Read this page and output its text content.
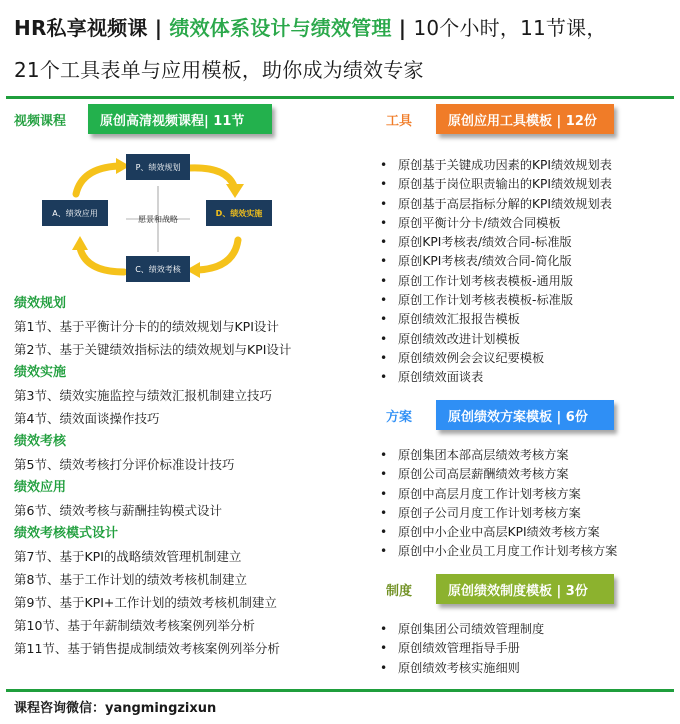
HR私享视频课 | 绩效体系设计与绩效管理 | 10个小时，11节课，
21个工具表单与应用模板，助你成为绩效专家
视频课程	原创高清视频课程| 11节
P、绩效规划
D、绩效实施
C、绩效考核
A、绩效应用
愿景 和战略
绩效规划
第1节、基于平衡计分卡的的绩效规划与KPI设计
第2节、基于关键绩效指标法的绩效规划与KPI设计
绩效实施
第3节、绩效实施监控与绩效汇报机制建立技巧
第4节、绩效面谈操作技巧
绩效考核
第5节、绩效考核打分评价标准设计技巧
绩效应用
第6节、绩效考核与薪酬挂钩模式设计
绩效考核模式设计
第7节、基于KPI的战略绩效管理机制建立
第8节、基于工作计划的绩效考核机制建立
第9节、基于KPI+工作计划的绩效考核机制建立
第10节、基于年薪制绩效考核案例列举分析
第11节、基于销售提成制绩效考核案例列举分析
工具	原创应用工具模板 | 12份
• 原创基于关键成功因素的KPI绩效规划表
• 原创基于岗位职责输出的KPI绩效规划表
• 原创基于高层指标分解的KPI绩效规划表
• 原创平衡计分卡/绩效合同模板
• 原创KPI考核表/绩效合同-标准版
• 原创KPI考核表/绩效合同-简化版
• 原创工作计划考核表模板-通用版
• 原创工作计划考核表模板-标准版
• 原创绩效汇报报告模板
• 原创绩效改进计划模板
• 原创绩效例会会议纪要模板
• 原创绩效面谈表
方案	原创绩效方案模板 | 6份
• 原创集团本部高层绩效考核方案
• 原创公司高层薪酬绩效考核方案
• 原创中高层月度工作计划考核方案
• 原创子公司月度工作计划考核方案
• 原创中小企业中高层KPI绩效考核方案
• 原创中小企业员工月度工作计划考核方案
制度	原创绩效制度模板 | 3份
• 原创集团公司绩效管理制度
• 原创绩效管理指导手册
• 原创绩效考核实施细则
课程咨询微信：yangmingzixun
